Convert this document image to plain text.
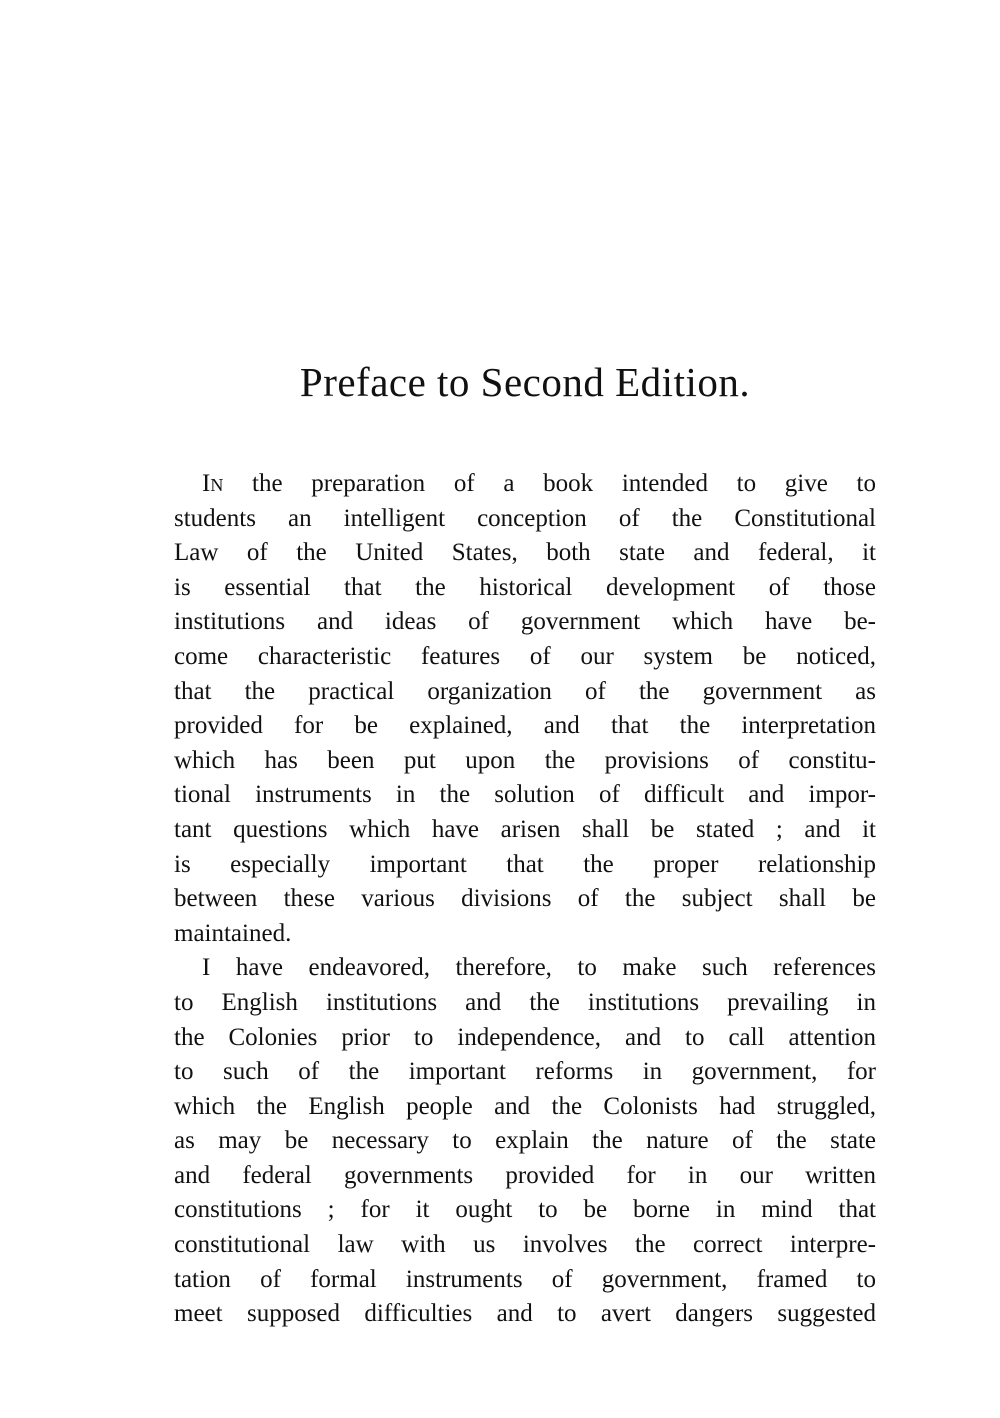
Preface to Second Edition.
In the preparation of a book intended to give to
students an intelligent conception of the Constitutional
Law of the United States, both state and federal, it
is essential that the historical development of those
institutions and ideas of government which have be-
come characteristic features of our system be noticed,
that the practical organization of the government as
provided for be explained, and that the interpretation
which has been put upon the provisions of constitu-
tional instruments in the solution of difficult and impor-
tant questions which have arisen shall be stated ; and it
is especially important that the proper relationship
between these various divisions of the subject shall be
maintained.
I have endeavored, therefore, to make such references
to English institutions and the institutions prevailing in
the Colonies prior to independence, and to call attention
to such of the important reforms in government, for
which the English people and the Colonists had struggled,
as may be necessary to explain the nature of the state
and federal governments provided for in our written
constitutions ; for it ought to be borne in mind that
constitutional law with us involves the correct interpre-
tation of formal instruments of government, framed to
meet supposed difficulties and to avert dangers suggested
